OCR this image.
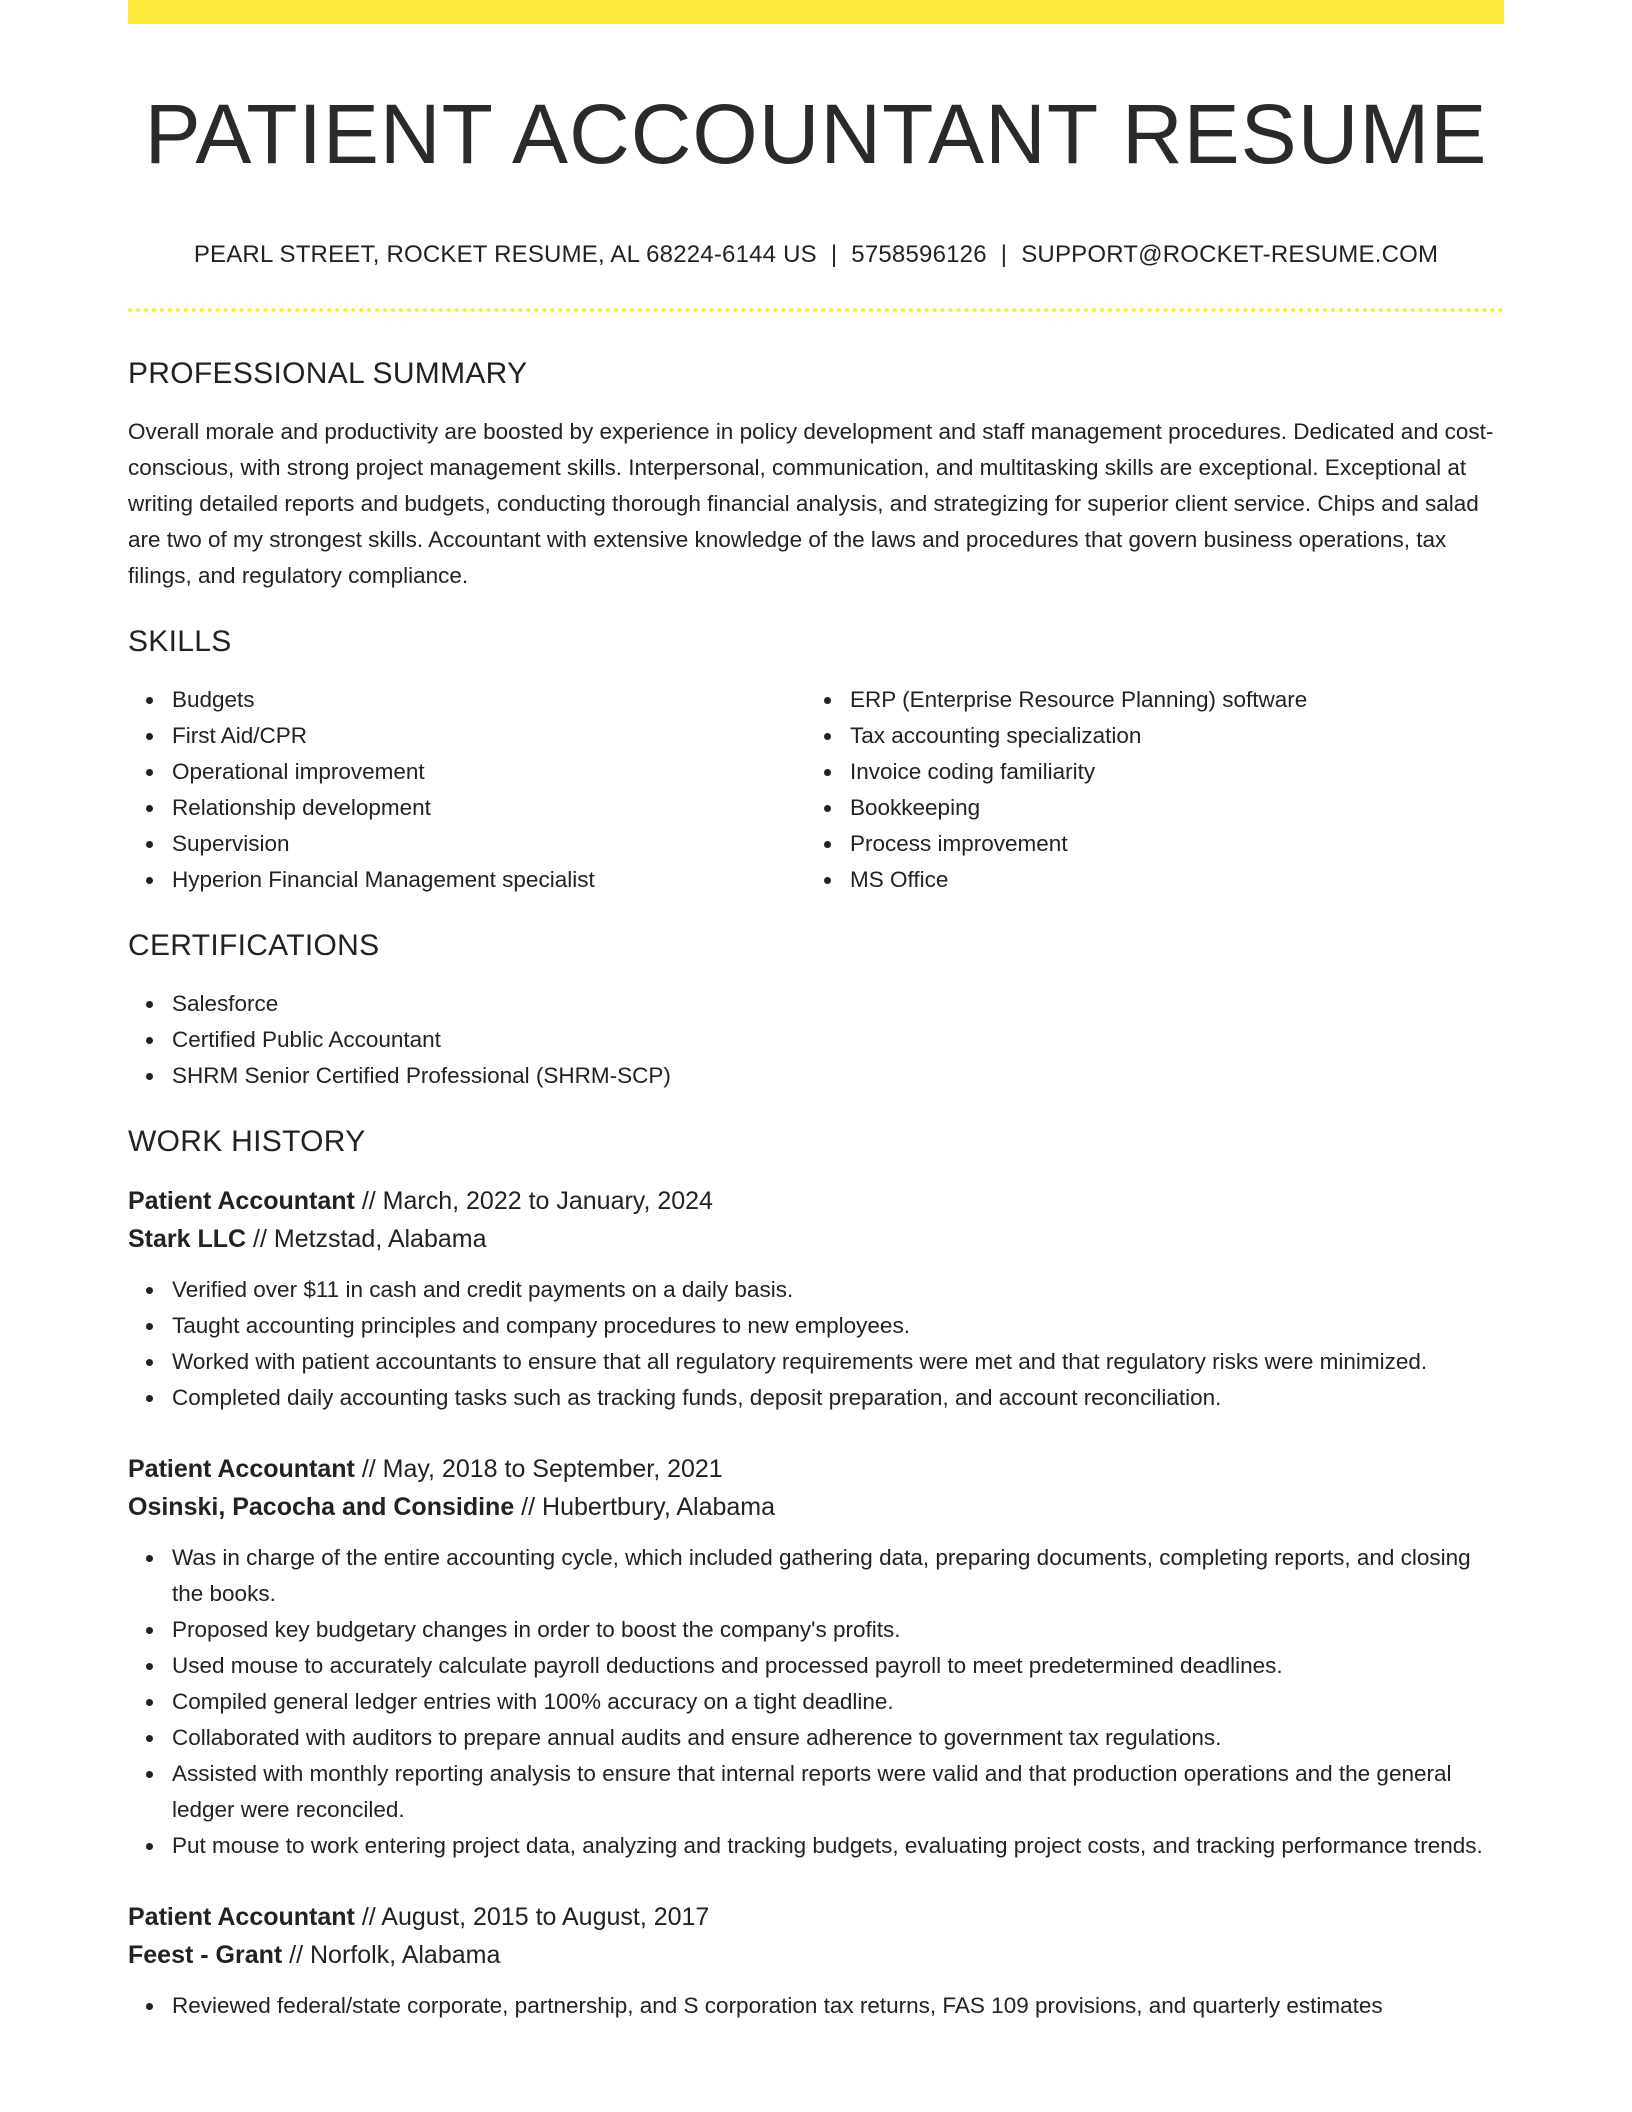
PATIENT ACCOUNTANT RESUME
PEARL STREET, ROCKET RESUME, AL 68224-6144 US | 5758596126 | SUPPORT@ROCKET-RESUME.COM
PROFESSIONAL SUMMARY

Overall morale and productivity are boosted by experience in policy development and staff management procedures. Dedicated and cost-conscious, with strong project management skills. Interpersonal, communication, and multitasking skills are exceptional. Exceptional at writing detailed reports and budgets, conducting thorough financial analysis, and strategizing for superior client service. Chips and salad are two of my strongest skills. Accountant with extensive knowledge of the laws and procedures that govern business operations, tax filings, and regulatory compliance.

SKILLS
Budgets
First Aid/CPR
Operational improvement
Relationship development
Supervision
Hyperion Financial Management specialist
ERP (Enterprise Resource Planning) software
Tax accounting specialization
Invoice coding familiarity
Bookkeeping
Process improvement
MS Office
CERTIFICATIONS
Salesforce
Certified Public Accountant
SHRM Senior Certified Professional (SHRM-SCP)
WORK HISTORY
Patient Accountant // March, 2022 to January, 2024
Stark LLC // Metzstad, Alabama
Verified over $11 in cash and credit payments on a daily basis.
Taught accounting principles and company procedures to new employees.
Worked with patient accountants to ensure that all regulatory requirements were met and that regulatory risks were minimized.
Completed daily accounting tasks such as tracking funds, deposit preparation, and account reconciliation.
Patient Accountant // May, 2018 to September, 2021
Osinski, Pacocha and Considine // Hubertbury, Alabama
Was in charge of the entire accounting cycle, which included gathering data, preparing documents, completing reports, and closing the books.
Proposed key budgetary changes in order to boost the company's profits.
Used mouse to accurately calculate payroll deductions and processed payroll to meet predetermined deadlines.
Compiled general ledger entries with 100% accuracy on a tight deadline.
Collaborated with auditors to prepare annual audits and ensure adherence to government tax regulations.
Assisted with monthly reporting analysis to ensure that internal reports were valid and that production operations and the general ledger were reconciled.
Put mouse to work entering project data, analyzing and tracking budgets, evaluating project costs, and tracking performance trends.
Patient Accountant // August, 2015 to August, 2017
Feest - Grant // Norfolk, Alabama
Reviewed federal/state corporate, partnership, and S corporation tax returns, FAS 109 provisions, and quarterly estimates
